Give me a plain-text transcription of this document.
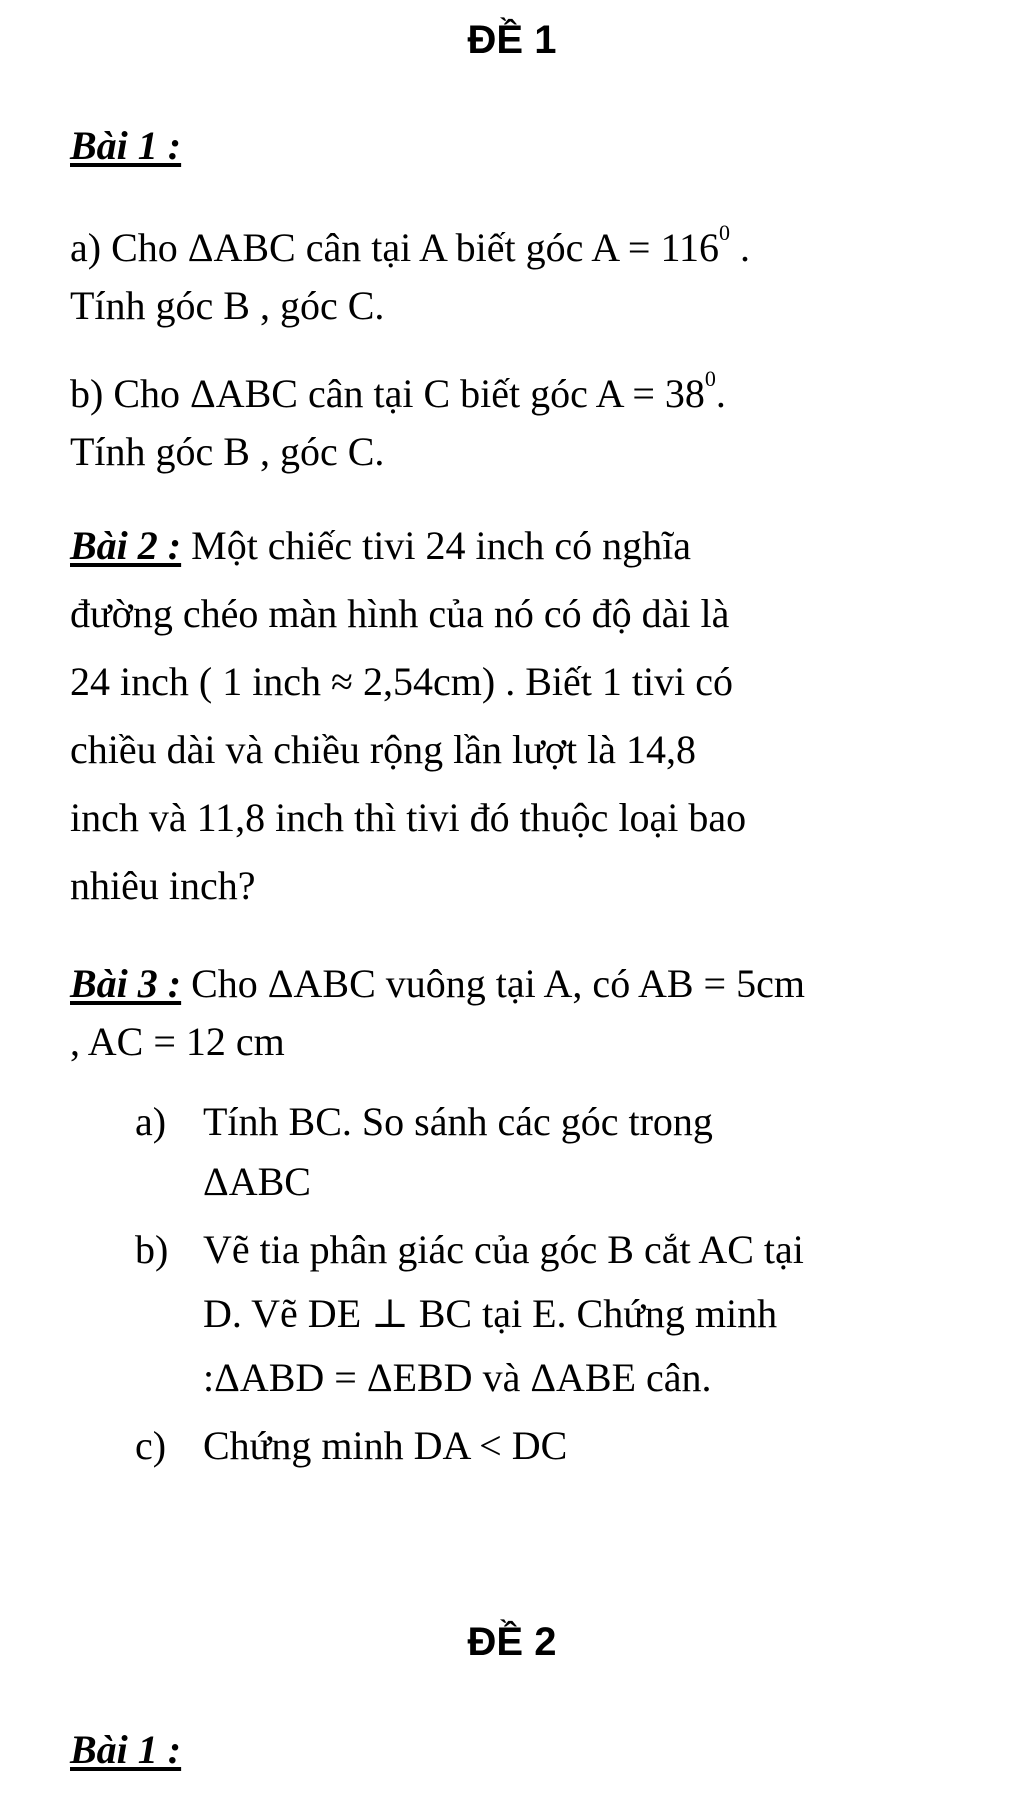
ĐỀ 1

Bài 1 :

a) Cho ΔABC cân tại A biết góc $A = 116^0$ .

Tính góc B , góc C.

b) Cho ΔABC cân tại C biết góc $A = 38^0$.

Tính góc B , góc C.

Bài 2 : Một chiếc tivi 24 inch có nghĩa

đường chéo màn hình của nó có độ dài là

24 inch ( 1 inch ≈ 2,54cm) . Biết 1 tivi có

chiều dài và chiều rộng lần lượt là 14,8

inch và 11,8 inch thì tivi đó thuộc loại bao

nhiêu inch?

Bài 3 : Cho ΔABC vuông tại A, có AB = 5cm

, AC = 12 cm

a) Tính BC. So sánh các góc trong

ΔABC

b) Vẽ tia phân giác của góc B cắt AC tại

D. Vẽ DE ⊥ BC tại E. Chứng minh

:ΔABD = ΔEBD và ΔABE cân.

c) Chứng minh DA < DC

ĐỀ 2

Bài 1 :
